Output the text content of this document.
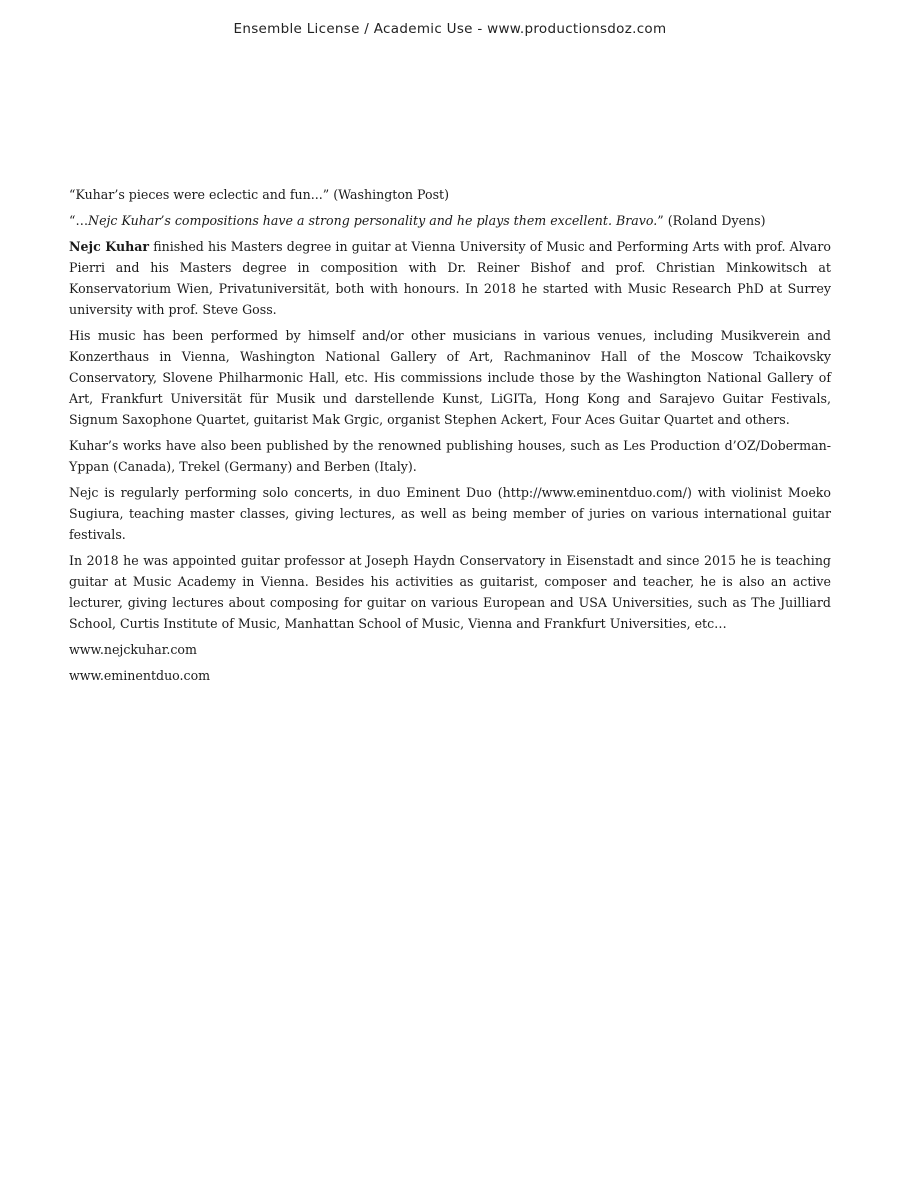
Ensemble License / Academic Use - www.productionsdoz.com

“Kuhar’s pieces were eclectic and fun...” (Washington Post)

“…Nejc Kuhar’s compositions have a strong personality and he plays them excellent. Bravo.” (Roland Dyens)

Nejc Kuhar finished his Masters degree in guitar at Vienna University of Music and Performing Arts with prof. Alvaro Pierri and his Masters degree in composition with Dr. Reiner Bishof and prof. Christian Minkowitsch at Konservatorium Wien, Privatuniversität, both with honours. In 2018 he started with Music Research PhD at Surrey university with prof. Steve Goss.

His music has been performed by himself and/or other musicians in various venues, including Musikverein and Konzerthaus in Vienna, Washington National Gallery of Art, Rachmaninov Hall of the Moscow Tchaikovsky Conservatory, Slovene Philharmonic Hall, etc. His commissions include those by the Washington National Gallery of Art, Frankfurt Universität für Musik und darstellende Kunst, LiGITa, Hong Kong and Sarajevo Guitar Festivals, Signum Saxophone Quartet, guitarist Mak Grgic, organist Stephen Ackert, Four Aces Guitar Quartet and others.

Kuhar’s works have also been published by the renowned publishing houses, such as Les Production d’OZ/Doberman-Yppan (Canada), Trekel (Germany) and Berben (Italy).

Nejc is regularly performing solo concerts, in duo Eminent Duo (http://www.eminentduo.com/) with violinist Moeko Sugiura, teaching master classes, giving lectures, as well as being member of juries on various international guitar festivals.

In 2018 he was appointed guitar professor at Joseph Haydn Conservatory in Eisenstadt and since 2015 he is teaching guitar at Music Academy in Vienna. Besides his activities as guitarist, composer and teacher, he is also an active lecturer, giving lectures about composing for guitar on various European and USA Universities, such as The Juilliard School, Curtis Institute of Music, Manhattan School of Music, Vienna and Frankfurt Universities, etc…

www.nejckuhar.com

www.eminentduo.com
